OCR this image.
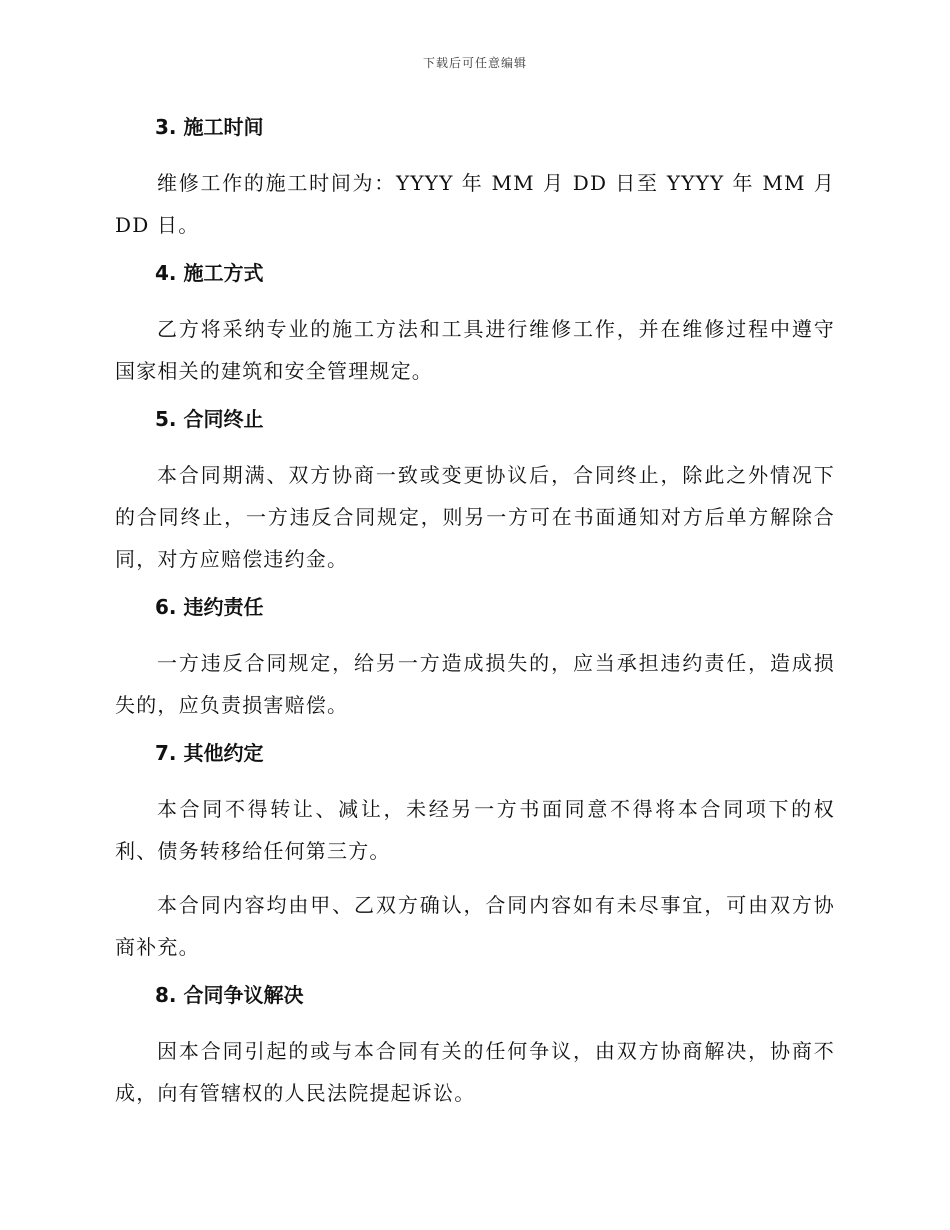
下载后可任意编辑
3. 施工时间

维修工作的施工时间为：YYYY 年 MM 月 DD 日至 YYYY 年 MM 月 DD 日。

4. 施工方式

乙方将采纳专业的施工方法和工具进行维修工作，并在维修过程中遵守国家相关的建筑和安全管理规定。

5. 合同终止

本合同期满、双方协商一致或变更协议后，合同终止，除此之外情况下的合同终止，一方违反合同规定，则另一方可在书面通知对方后单方解除合同，对方应赔偿违约金。

6. 违约责任

一方违反合同规定，给另一方造成损失的，应当承担违约责任，造成损失的，应负责损害赔偿。

7. 其他约定

本合同不得转让、减让，未经另一方书面同意不得将本合同项下的权利、债务转移给任何第三方。

本合同内容均由甲、乙双方确认，合同内容如有未尽事宜，可由双方协商补充。

8. 合同争议解决

因本合同引起的或与本合同有关的任何争议，由双方协商解决，协商不成，向有管辖权的人民法院提起诉讼。
